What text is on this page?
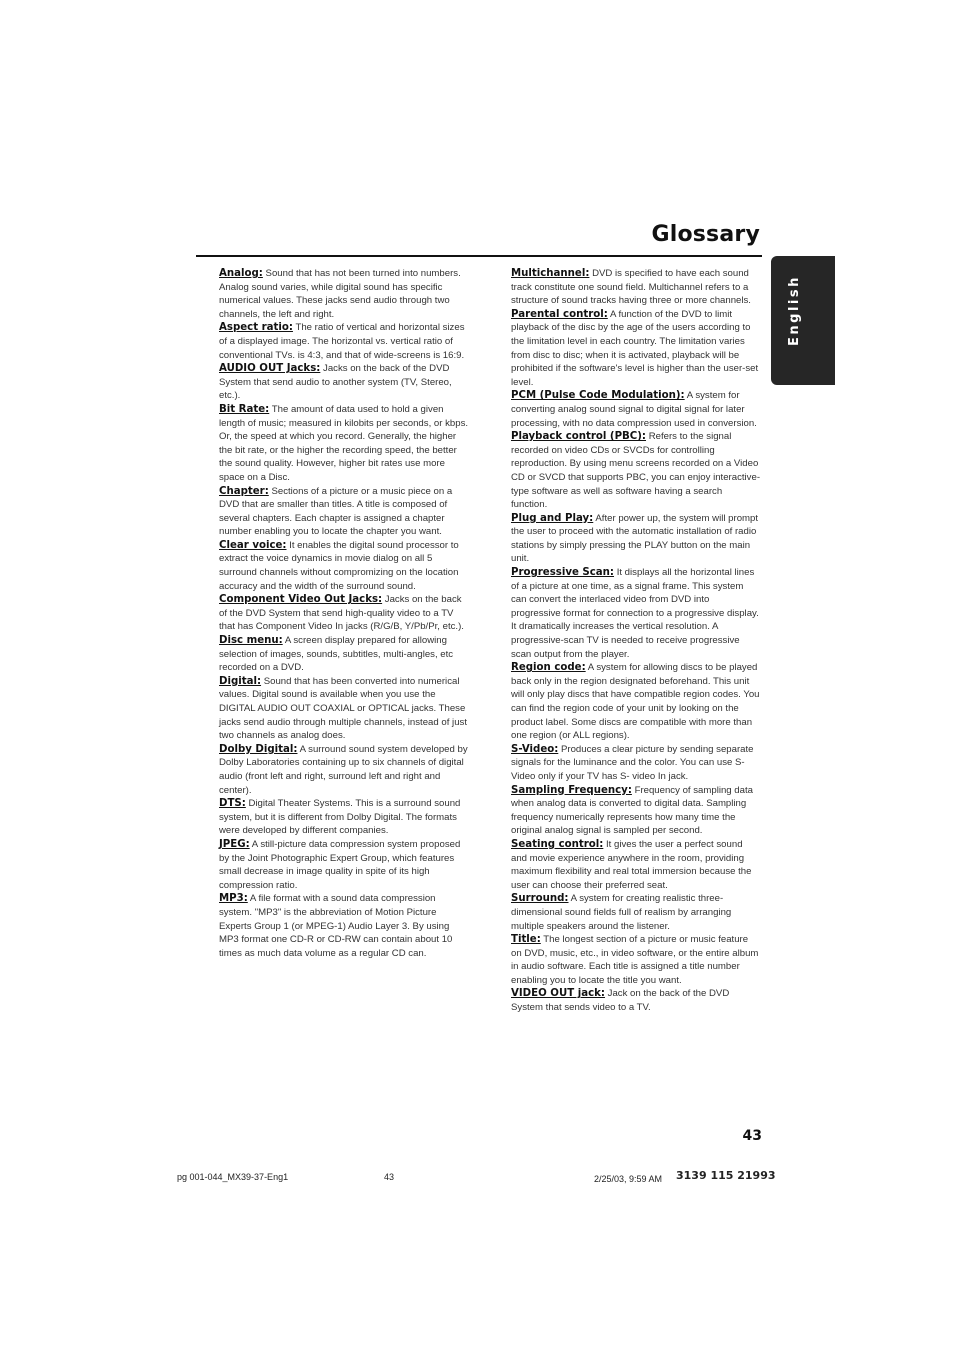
Glossary
English

Analog: Sound that has not been turned into numbers. Analog sound varies, while digital sound has specific numerical values. These jacks send audio through two channels, the left and right.

Aspect ratio: The ratio of vertical and horizontal sizes of a displayed image. The horizontal vs. vertical ratio of conventional TVs. is 4:3, and that of wide-screens is 16:9.

AUDIO OUT Jacks: Jacks on the back of the DVD System that send audio to another system (TV, Stereo, etc.).

Bit Rate: The amount of data used to hold a given length of music; measured in kilobits per seconds, or kbps. Or, the speed at which you record. Generally, the higher the bit rate, or the higher the recording speed, the better the sound quality. However, higher bit rates use more space on a Disc.

Chapter: Sections of a picture or a music piece on a DVD that are smaller than titles. A title is composed of several chapters. Each chapter is assigned a chapter number enabling you to locate the chapter you want.

Clear voice: It enables the digital sound processor to extract the voice dynamics in movie dialog on all 5 surround channels without compromizing on the location accuracy and the width of the surround sound.

Component Video Out Jacks: Jacks on the back of the DVD System that send high-quality video to a TV that has Component Video In jacks (R/G/B, Y/Pb/Pr, etc.).

Disc menu: A screen display prepared for allowing selection of images, sounds, subtitles, multi-angles, etc recorded on a DVD.

Digital: Sound that has been converted into numerical values. Digital sound is available when you use the DIGITAL AUDIO OUT COAXIAL or OPTICAL jacks. These jacks send audio through multiple channels, instead of just two channels as analog does.

Dolby Digital: A surround sound system developed by Dolby Laboratories containing up to six channels of digital audio (front left and right, surround left and right and center).

DTS: Digital Theater Systems. This is a surround sound system, but it is different from Dolby Digital. The formats were developed by different companies.

JPEG: A still-picture data compression system proposed by the Joint Photographic Expert Group, which features small decrease in image quality in spite of its high compression ratio.

MP3: A file format with a sound data compression system. "MP3" is the abbreviation of Motion Picture Experts Group 1 (or MPEG-1) Audio Layer 3. By using MP3 format one CD-R or CD-RW can contain about 10 times as much data volume as a regular CD can.

Multichannel: DVD is specified to have each sound track constitute one sound field. Multichannel refers to a structure of sound tracks having three or more channels.

Parental control: A function of the DVD to limit playback of the disc by the age of the users according to the limitation level in each country. The limitation varies from disc to disc; when it is activated, playback will be prohibited if the software's level is higher than the user-set level.

PCM (Pulse Code Modulation): A system for converting analog sound signal to digital signal for later processing, with no data compression used in conversion.

Playback control (PBC): Refers to the signal recorded on video CDs or SVCDs for controlling reproduction. By using menu screens recorded on a Video CD or SVCD that supports PBC, you can enjoy interactive-type software as well as software having a search function.

Plug and Play: After power up, the system will prompt the user to proceed with the automatic installation of radio stations by simply pressing the PLAY button on the main unit.

Progressive Scan: It displays all the horizontal lines of a picture at one time, as a signal frame. This system can convert the interlaced video from DVD into progressive format for connection to a progressive display. It dramatically increases the vertical resolution. A progressive-scan TV is needed to receive progressive scan output from the player.

Region code: A system for allowing discs to be played back only in the region designated beforehand. This unit will only play discs that have compatible region codes. You can find the region code of your unit by looking on the product label. Some discs are compatible with more than one region (or ALL regions).

S-Video: Produces a clear picture by sending separate signals for the luminance and the color. You can use S-Video only if your TV has S- video In jack.

Sampling Frequency: Frequency of sampling data when analog data is converted to digital data. Sampling frequency numerically represents how many time the original analog signal is sampled per second.

Seating control: It gives the user a perfect sound and movie experience anywhere in the room, providing maximum flexibility and real total immersion because the user can choose their preferred seat.

Surround: A system for creating realistic three-dimensional sound fields full of realism by arranging multiple speakers around the listener.

Title: The longest section of a picture or music feature on DVD, music, etc., in video software, or the entire album in audio software. Each title is assigned a title number enabling you to locate the title you want.

VIDEO OUT jack: Jack on the back of the DVD System that sends video to a TV.

43
pg 001-044_MX39-37-Eng1	43	2/25/03, 9:59 AM 3139 115 21993
